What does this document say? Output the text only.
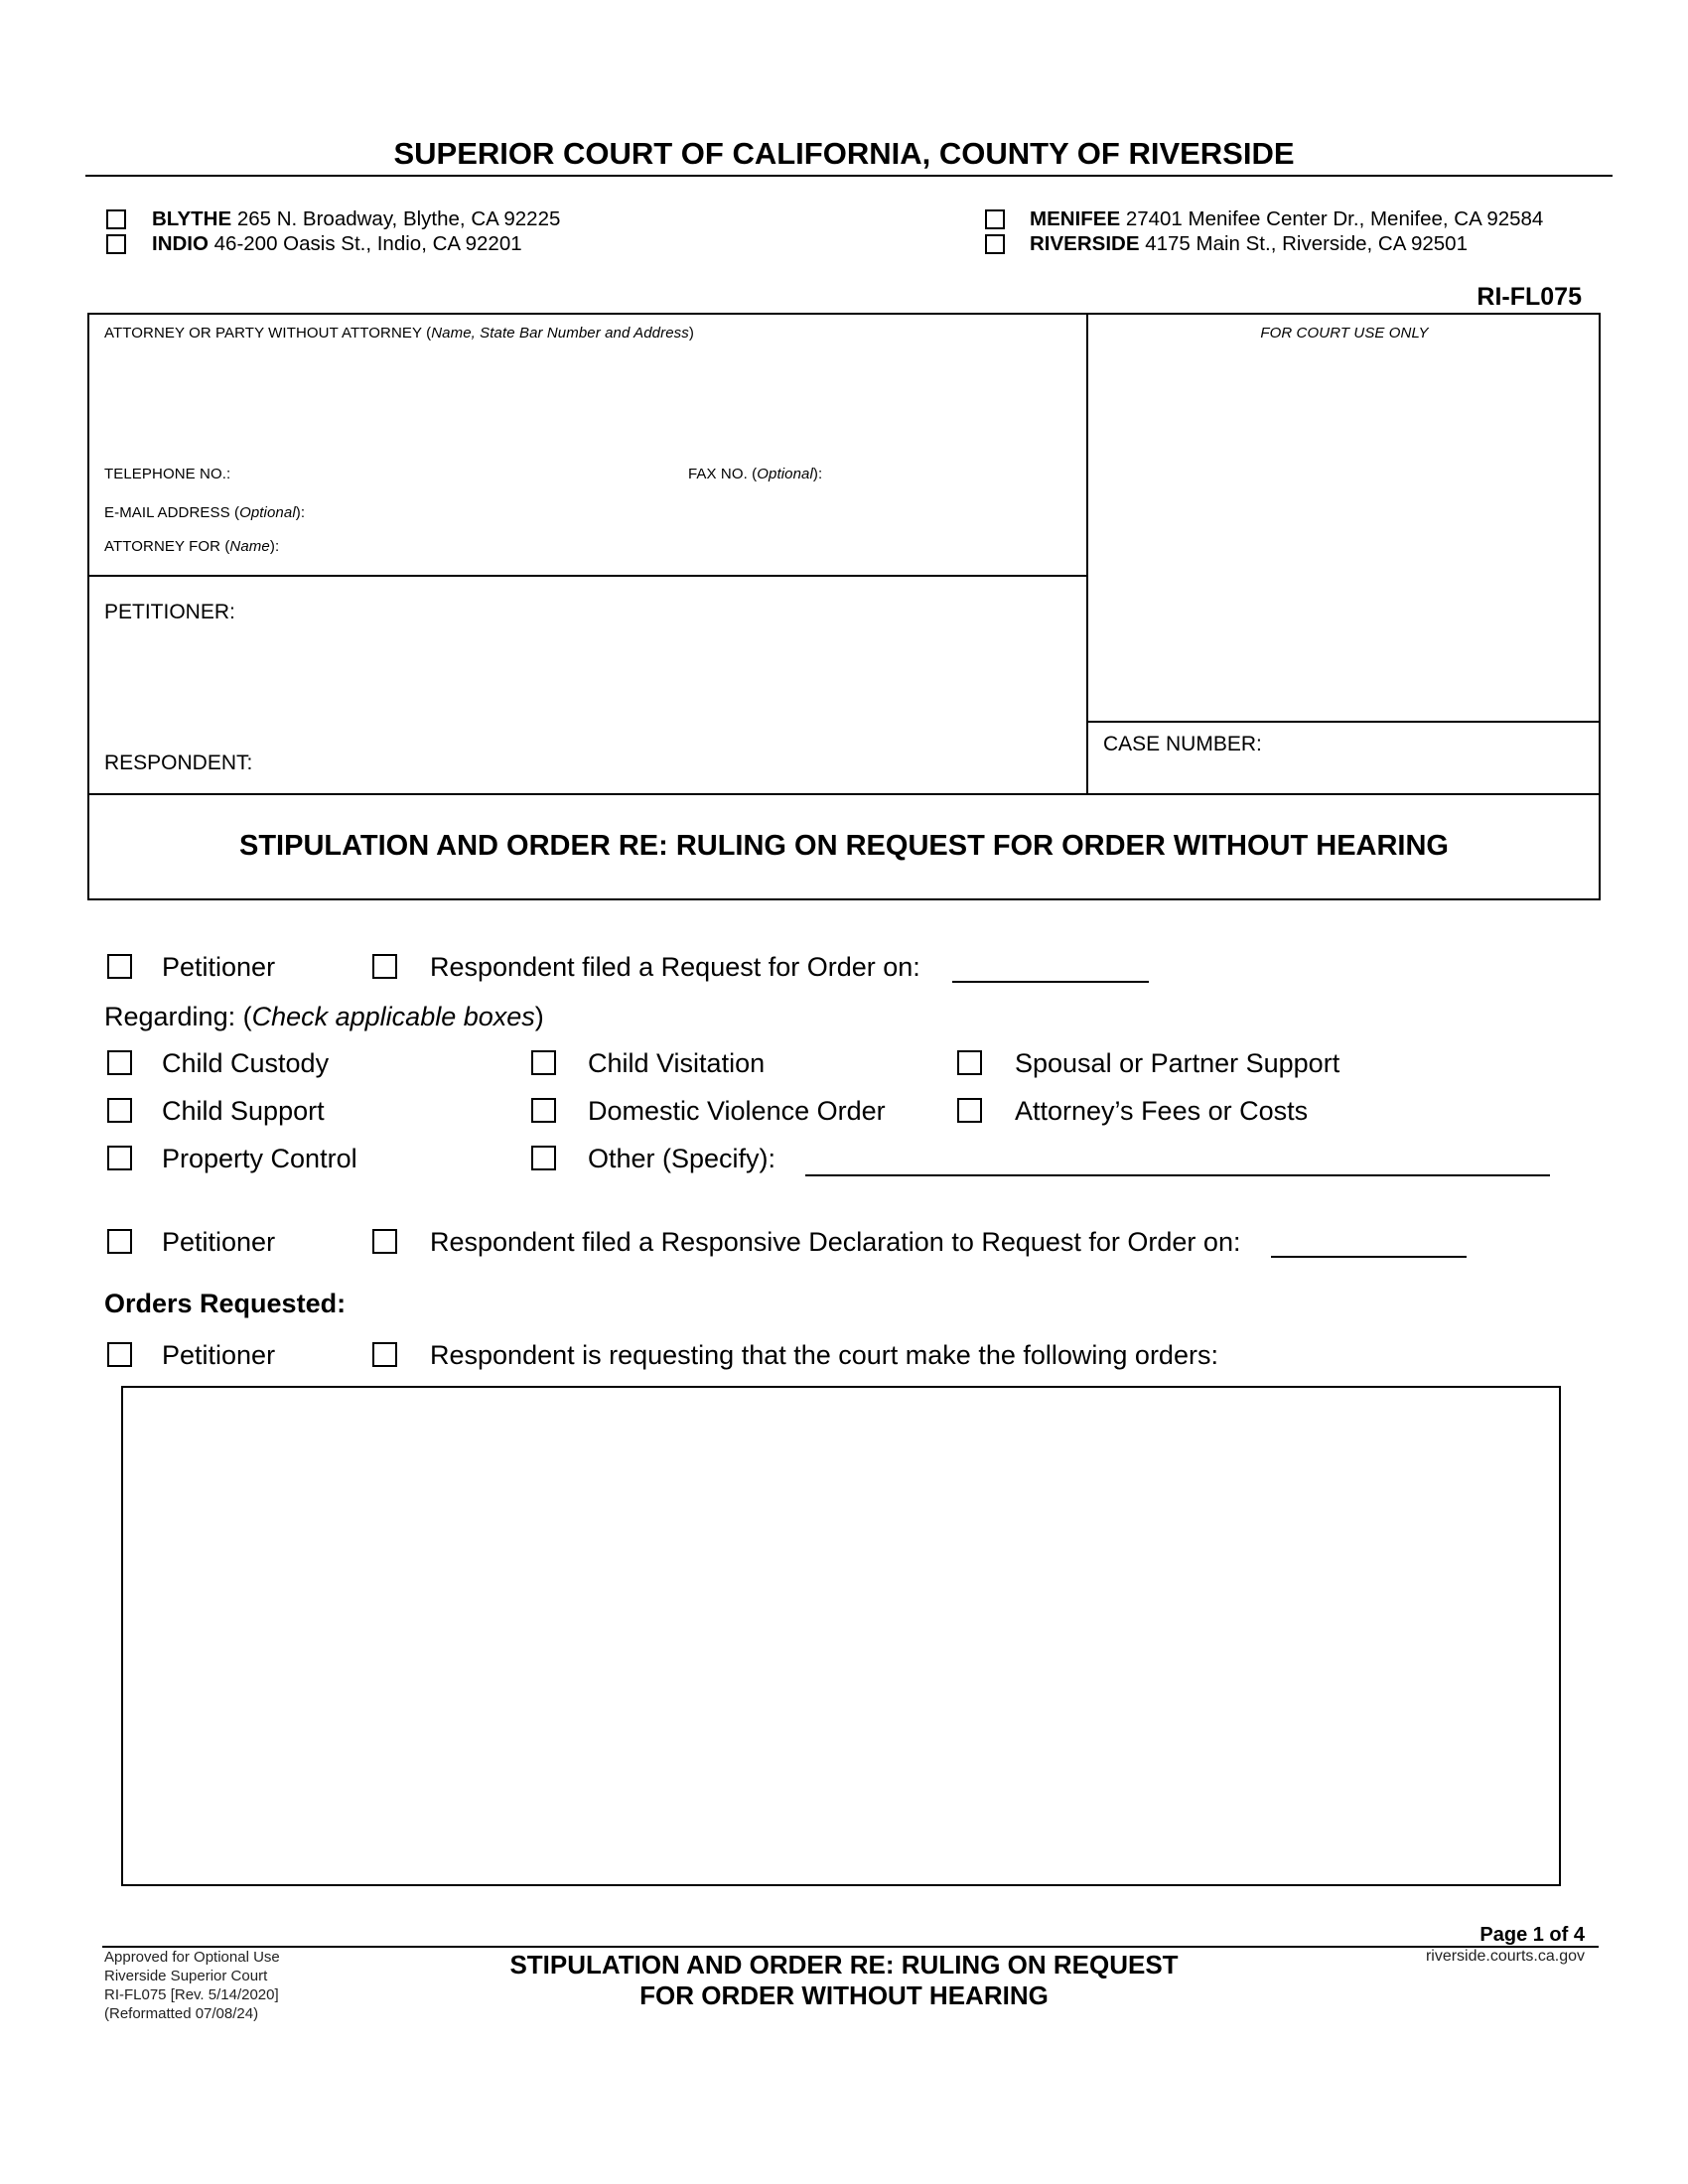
SUPERIOR COURT OF CALIFORNIA, COUNTY OF RIVERSIDE
BLYTHE 265 N. Broadway, Blythe, CA 92225
INDIO 46-200 Oasis St., Indio, CA 92201
MENIFEE 27401 Menifee Center Dr., Menifee, CA 92584
RIVERSIDE 4175 Main St., Riverside, CA 92501
RI-FL075
ATTORNEY OR PARTY WITHOUT ATTORNEY (Name, State Bar Number and Address)	FOR COURT USE ONLY
TELEPHONE NO.:	FAX NO. (Optional):
E-MAIL ADDRESS (Optional):
ATTORNEY FOR (Name):
PETITIONER:
RESPONDENT:
CASE NUMBER:
STIPULATION AND ORDER RE: RULING ON REQUEST FOR ORDER WITHOUT HEARING
Petitioner	Respondent filed a Request for Order on:
Regarding: (Check applicable boxes)
Child Custody	Child Visitation	Spousal or Partner Support
Child Support	Domestic Violence Order	Attorney’s Fees or Costs
Property Control	Other (Specify):
Petitioner	Respondent filed a Responsive Declaration to Request for Order on:
Orders Requested:
Petitioner	Respondent is requesting that the court make the following orders:
Page 1 of 4
Approved for Optional Use
Riverside Superior Court
RI-FL075 [Rev. 5/14/2020]
(Reformatted 07/08/24)
STIPULATION AND ORDER RE: RULING ON REQUEST
FOR ORDER WITHOUT HEARING
riverside.courts.ca.gov
